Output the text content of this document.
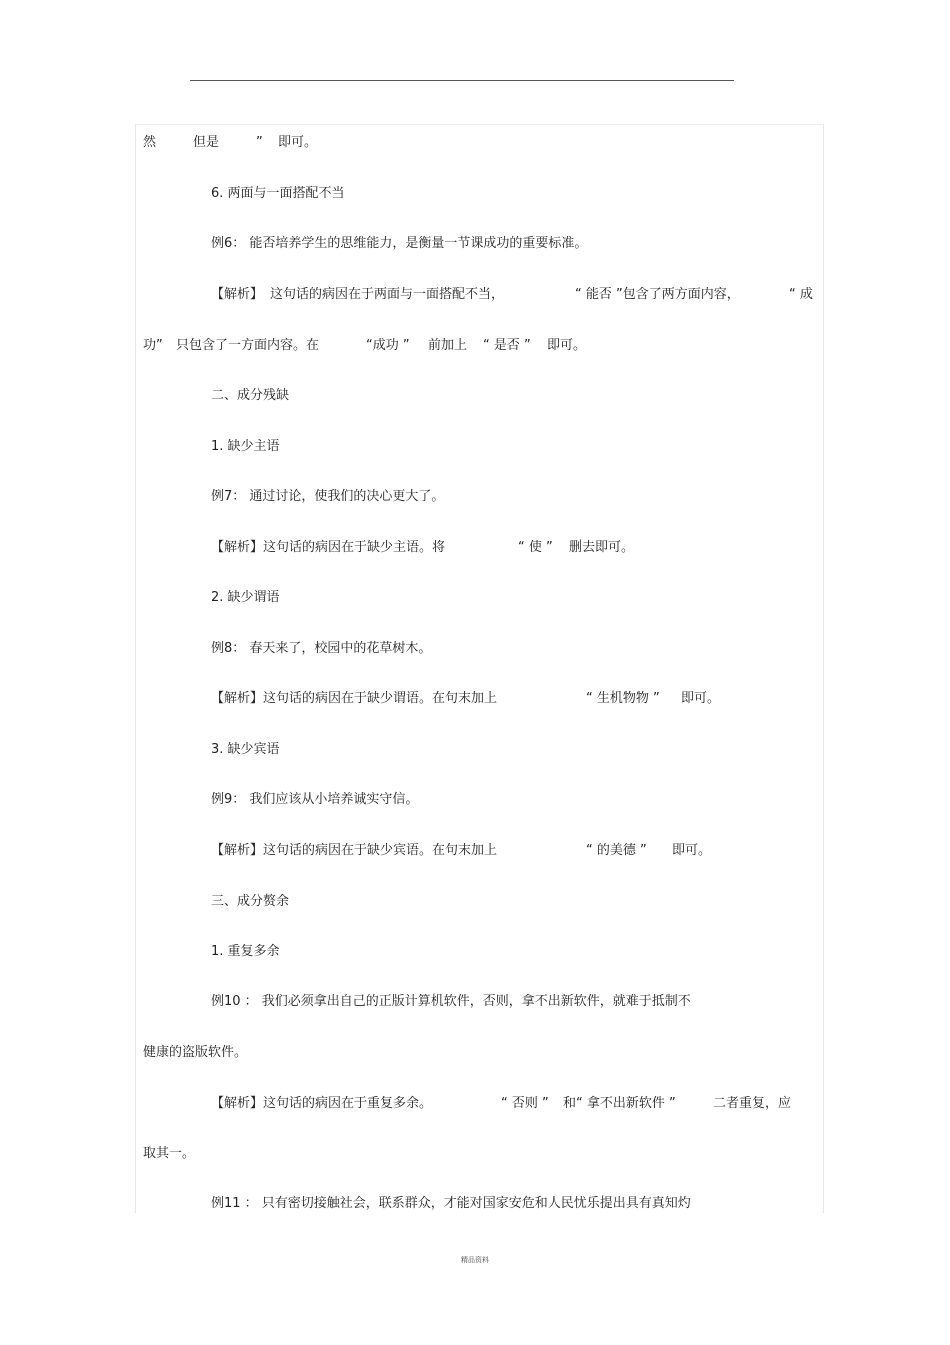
然	但是	” 即可。
6. 两面与一面搭配不当
例6： 能否培养学生的思维能力，是衡量一节课成功的重要标准。
【解析】 这句话的病因在于两面与一面搭配不当，	“ 能否 ”包含了两方面内容，	“ 成
功” 只包含了一方面内容。在	“成功 ” 前加上 “ 是否 ” 即可。
二、成分残缺
1. 缺少主语
例7： 通过讨论，使我们的决心更大了。
【解析】这句话的病因在于缺少主语。将	“ 使 ” 删去即可。
2. 缺少谓语
例8： 春天来了，校园中的花草树木。
【解析】这句话的病因在于缺少谓语。在句末加上	“ 生机物物 ” 即可。
3. 缺少宾语
例9： 我们应该从小培养诚实守信。
【解析】这句话的病因在于缺少宾语。在句末加上	“ 的美德 ” 即可。
三、成分赘余
1. 重复多余
例10 ： 我们必须拿出自己的正版计算机软件，否则，拿不出新软件，就难于抵制不
健康的盗版软件。
【解析】这句话的病因在于重复多余。	“ 否则 ” 和“ 拿不出新软件 ”	二者重复，应
取其一。
例11 ： 只有密切接触社会，联系群众，才能对国家安危和人民忧乐提出具有真知灼
精品资料
